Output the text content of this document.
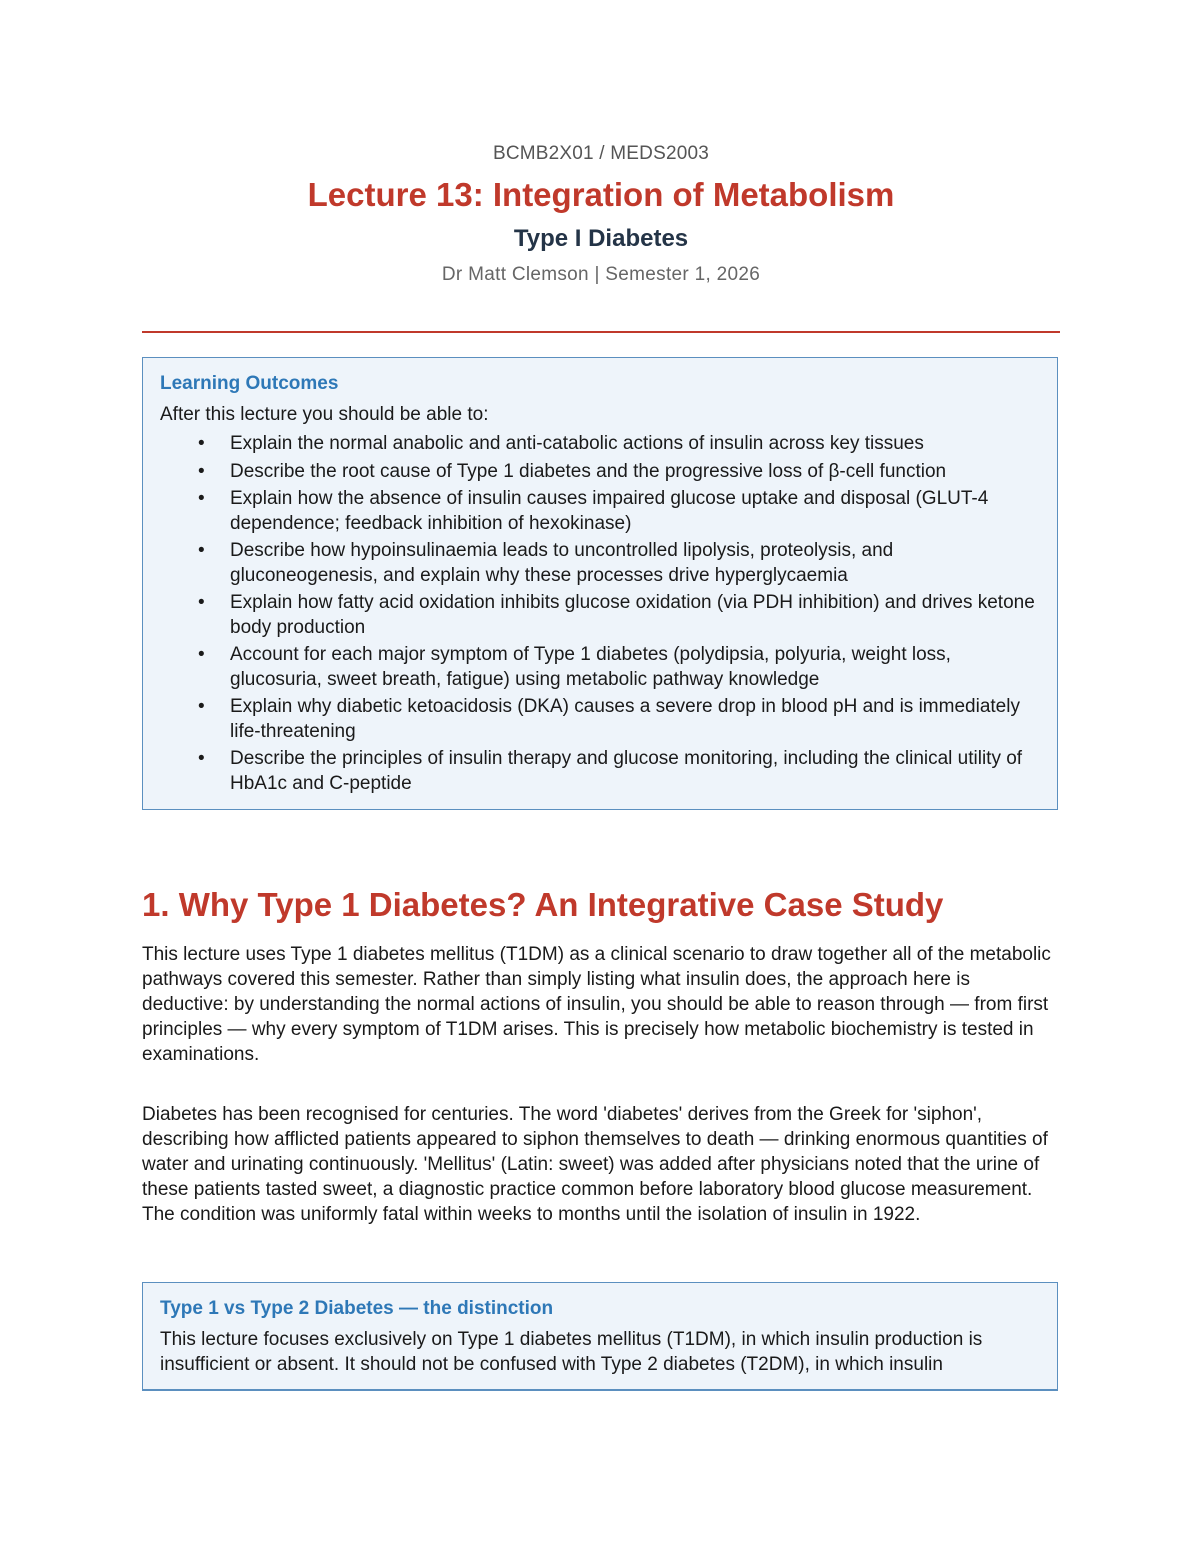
BCMB2X01 / MEDS2003
Lecture 13: Integration of Metabolism
Type I Diabetes
Dr Matt Clemson | Semester 1, 2026
Learning Outcomes
After this lecture you should be able to:
• Explain the normal anabolic and anti-catabolic actions of insulin across key tissues
• Describe the root cause of Type 1 diabetes and the progressive loss of β-cell function
• Explain how the absence of insulin causes impaired glucose uptake and disposal (GLUT-4 dependence; feedback inhibition of hexokinase)
• Describe how hypoinsulinaemia leads to uncontrolled lipolysis, proteolysis, and gluconeogenesis, and explain why these processes drive hyperglycaemia
• Explain how fatty acid oxidation inhibits glucose oxidation (via PDH inhibition) and drives ketone body production
• Account for each major symptom of Type 1 diabetes (polydipsia, polyuria, weight loss, glucosuria, sweet breath, fatigue) using metabolic pathway knowledge
• Explain why diabetic ketoacidosis (DKA) causes a severe drop in blood pH and is immediately life-threatening
• Describe the principles of insulin therapy and glucose monitoring, including the clinical utility of HbA1c and C-peptide
1. Why Type 1 Diabetes? An Integrative Case Study

This lecture uses Type 1 diabetes mellitus (T1DM) as a clinical scenario to draw together all of the metabolic pathways covered this semester. Rather than simply listing what insulin does, the approach here is deductive: by understanding the normal actions of insulin, you should be able to reason through — from first principles — why every symptom of T1DM arises. This is precisely how metabolic biochemistry is tested in examinations.

Diabetes has been recognised for centuries. The word 'diabetes' derives from the Greek for 'siphon', describing how afflicted patients appeared to siphon themselves to death — drinking enormous quantities of water and urinating continuously. 'Mellitus' (Latin: sweet) was added after physicians noted that the urine of these patients tasted sweet, a diagnostic practice common before laboratory blood glucose measurement. The condition was uniformly fatal within weeks to months until the isolation of insulin in 1922.

Type 1 vs Type 2 Diabetes — the distinction
This lecture focuses exclusively on Type 1 diabetes mellitus (T1DM), in which insulin production is insufficient or absent. It should not be confused with Type 2 diabetes (T2DM), in which insulin
